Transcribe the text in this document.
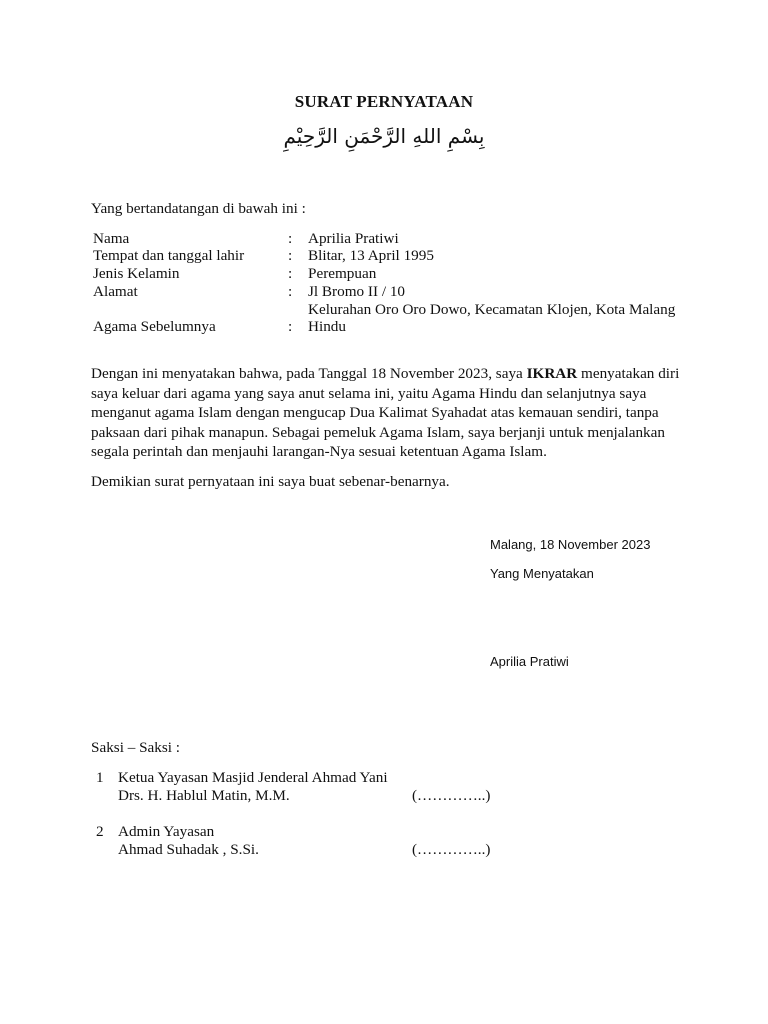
SURAT PERNYATAAN
بِسْمِ اللهِ الرَّحْمَنِ الرَّحِيْمِ
Yang bertandatangan di bawah ini :
Nama	: Aprilia Pratiwi
Tempat dan tanggal lahir	: Blitar, 13 April 1995
Jenis Kelamin	: Perempuan
Alamat	: Jl Bromo II / 10
Kelurahan Oro Oro Dowo, Kecamatan Klojen, Kota Malang
Agama Sebelumnya	: Hindu
Dengan ini menyatakan bahwa, pada Tanggal 18 November 2023, saya IKRAR menyatakan diri saya keluar dari agama yang saya anut selama ini, yaitu Agama Hindu dan selanjutnya saya menganut agama Islam dengan mengucap Dua Kalimat Syahadat atas kemauan sendiri, tanpa paksaan dari pihak manapun. Sebagai pemeluk Agama Islam, saya berjanji untuk menjalankan segala perintah dan menjauhi larangan-Nya sesuai ketentuan Agama Islam.
Demikian surat pernyataan ini saya buat sebenar-benarnya.
Malang, 18 November 2023
Yang Menyatakan
Aprilia Pratiwi
Saksi – Saksi :
1 Ketua Yayasan Masjid Jenderal Ahmad Yani
Drs. H. Hablul Matin, M.M.	(…………..)
2 Admin Yayasan
Ahmad Suhadak , S.Si.	(…………..)
